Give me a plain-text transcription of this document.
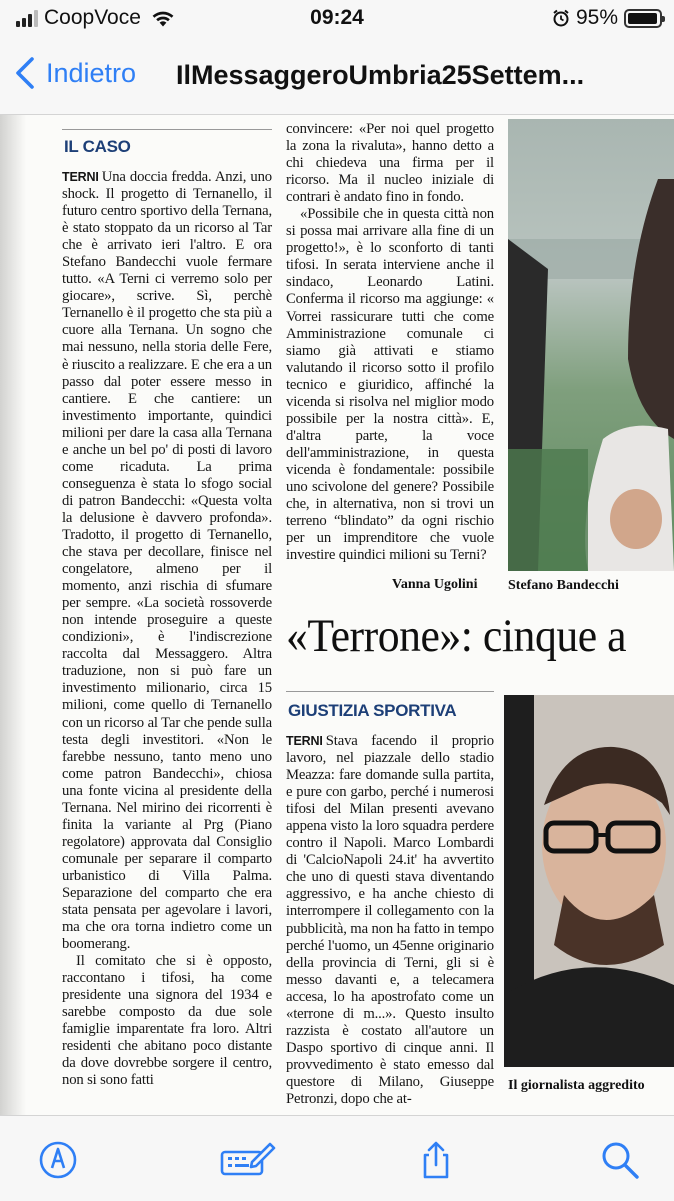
CoopVoce	09:24	95%
Indietro IlMessaggeroUmbria25Settem...
IL CASO

TERNI Una doccia fredda. Anzi, uno shock. Il progetto di Ternanello, il futuro centro sportivo della Ternana, è stato stoppato da un ricorso al Tar che è arrivato ieri l'altro. E ora Stefano Bandecchi vuole fermare tutto. «A Terni ci verremo solo per giocare», scrive. Sì, perchè Ternanello è il progetto che sta più a cuore alla Ternana. Un sogno che mai nessuno, nella storia delle Fere, è riuscito a realizzare. E che era a un passo dal poter essere messo in cantiere. E che cantiere: un investimento importante, quindici milioni per dare la casa alla Ternana e anche un bel po' di posti di lavoro come ricaduta. La prima conseguenza è stata lo sfogo social di patron Bandecchi: «Questa volta la delusione è davvero profonda». Tradotto, il progetto di Ternanello, che stava per decollare, finisce nel congelatore, almeno per il momento, anzi rischia di sfumare per sempre. «La società rossoverde non intende proseguire a queste condizioni», è l'indiscrezione raccolta dal Messaggero. Altra traduzione, non si può fare un investimento milionario, circa 15 milioni, come quello di Ternanello con un ricorso al Tar che pende sulla testa degli investitori. «Non le farebbe nessuno, tanto meno uno come patron Bandecchi», chiosa una fonte vicina al presidente della Ternana. Nel mirino dei ricorrenti è finita la variante al Prg (Piano regolatore) approvata dal Consiglio comunale per separare il comparto urbanistico di Villa Palma. Separazione del comparto che era stata pensata per agevolare i lavori, ma che ora torna indietro come un boomerang.

Il comitato che si è opposto, raccontano i tifosi, ha come presidente una signora del 1934 e sarebbe composto da due sole famiglie imparentate fra loro. Altri residenti che abitano poco distante da dove dovrebbe sorgere il centro, non si sono fatti

convincere: «Per noi quel progetto la zona la rivaluta», hanno detto a chi chiedeva una firma per il ricorso. Ma il nucleo iniziale di contrari è andato fino in fondo.

«Possibile che in questa città non si possa mai arrivare alla fine di un progetto!», è lo sconforto di tanti tifosi. In serata interviene anche il sindaco, Leonardo Latini. Conferma il ricorso ma aggiunge: « Vorrei rassicurare tutti che come Amministrazione comunale ci siamo già attivati e stiamo valutando il ricorso sotto il profilo tecnico e giuridico, affinché la vicenda si risolva nel miglior modo possibile per la nostra città». E, d'altra parte, la voce dell'amministrazione, in questa vicenda è fondamentale: possibile uno scivolone del genere? Possibile che, in alternativa, non si trovi un terreno “blindato” da ogni rischio per un imprenditore che vuole investire quindici milioni su Terni?

Vanna Ugolini Stefano Bandecchi
«Terrone»: cinque a
GIUSTIZIA SPORTIVA

TERNI Stava facendo il proprio lavoro, nel piazzale dello stadio Meazza: fare domande sulla partita, e pure con garbo, perché i numerosi tifosi del Milan presenti avevano appena visto la loro squadra perdere contro il Napoli. Marco Lombardi di 'CalcioNapoli 24.it' ha avvertito che uno di questi stava diventando aggressivo, e ha anche chiesto di interrompere il collegamento con la pubblicità, ma non ha fatto in tempo perché l'uomo, un 45enne originario della provincia di Terni, gli si è messo davanti e, a telecamera accesa, lo ha apostrofato come un «terrone di m...». Questo insulto razzista è costato all'autore un Daspo sportivo di cinque anni. Il provvedimento è stato emesso dal questore di Milano, Giuseppe Petronzi, dopo che at-

Il giornalista aggredito
